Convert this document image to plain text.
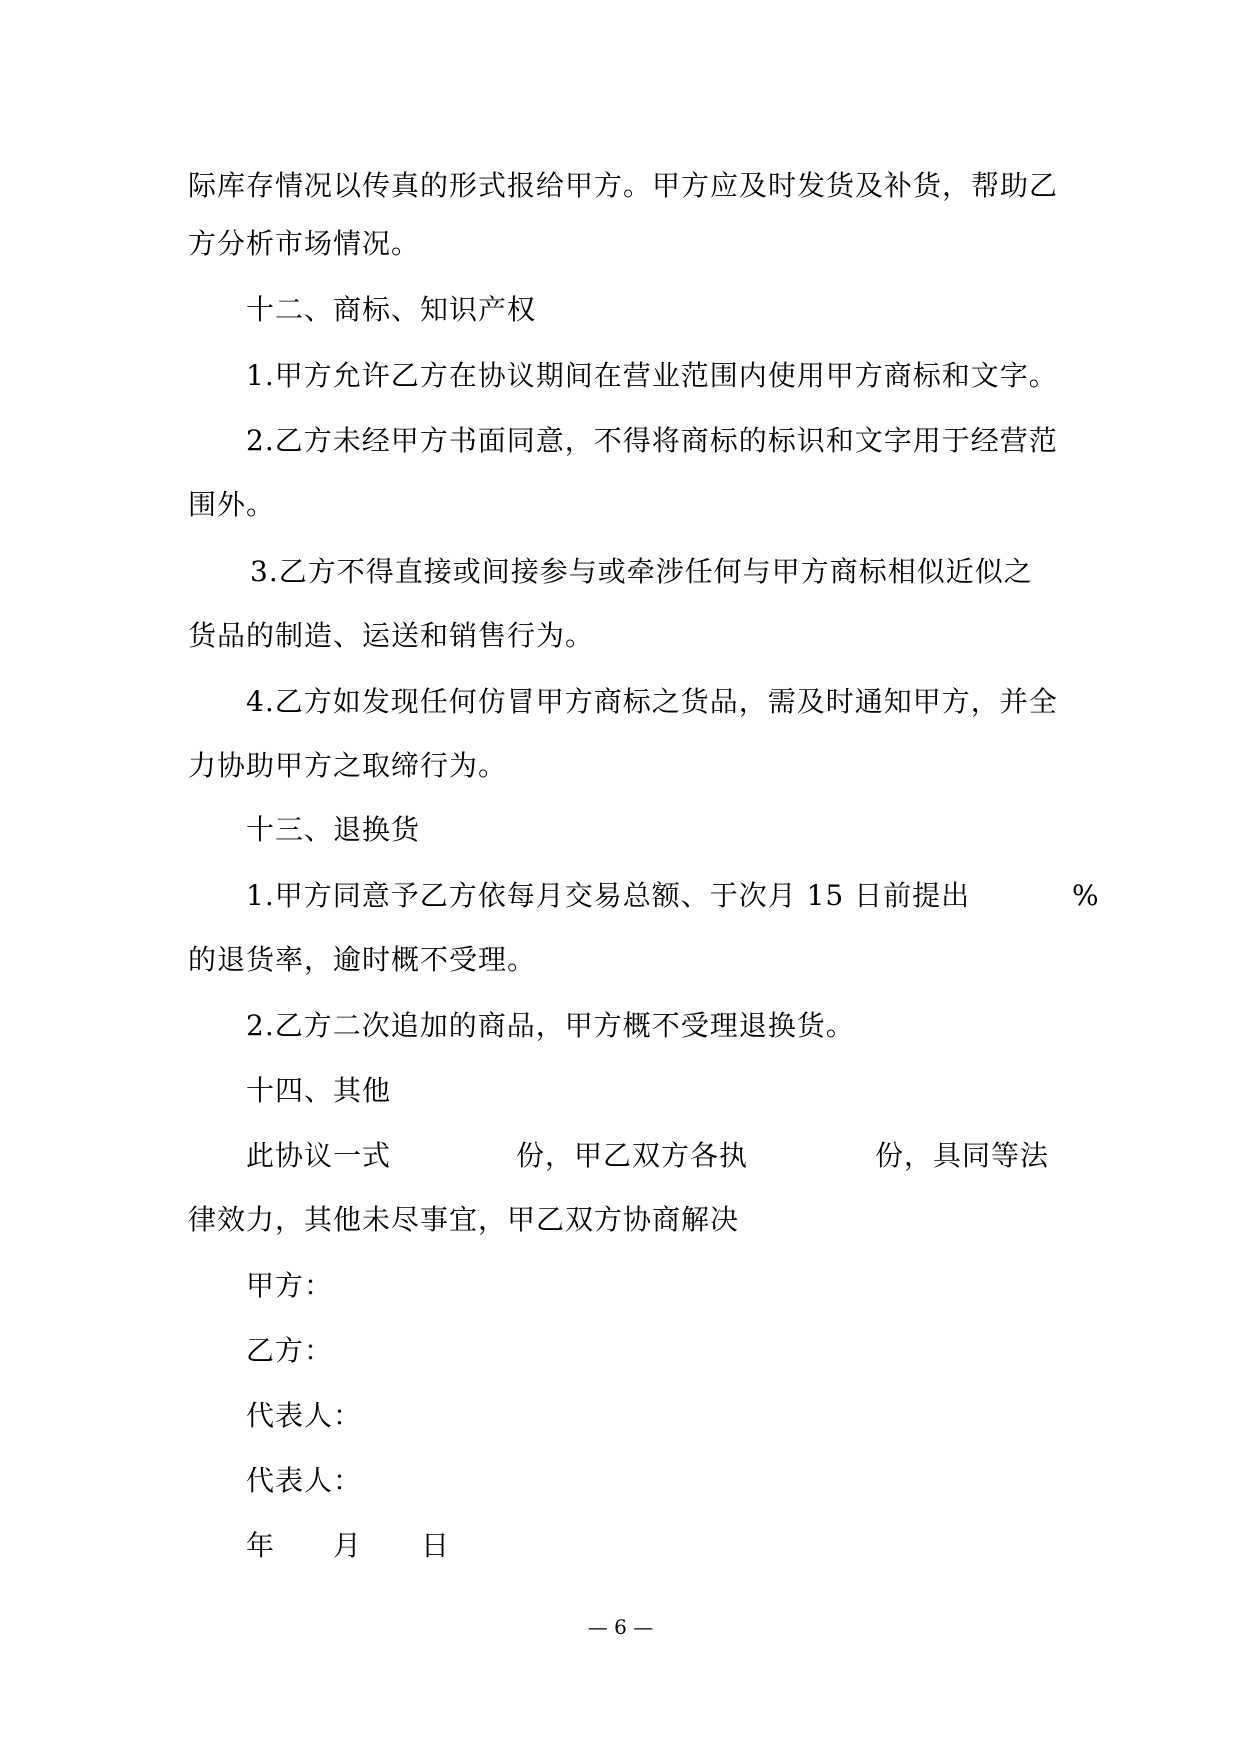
际库存情况以传真的形式报给甲方。甲方应及时发货及补货，帮助乙
方分析市场情况。
十二、商标、知识产权
1.甲方允许乙方在协议期间在营业范围内使用甲方商标和文字。
2.乙方未经甲方书面同意，不得将商标的标识和文字用于经营范
围外。
3.乙方不得直接或间接参与或牵涉任何与甲方商标相似近似之
货品的制造、运送和销售行为。
4.乙方如发现任何仿冒甲方商标之货品，需及时通知甲方，并全
力协助甲方之取缔行为。
十三、退换货
1.甲方同意予乙方依每月交易总额、于次月 15 日前提出	%
的退货率，逾时概不受理。
2.乙方二次追加的商品，甲方概不受理退换货。
十四、其他
此协议一式	份，甲乙双方各执	份，具同等法
律效力，其他未尽事宜，甲乙双方协商解决
甲方：
乙方：
代表人：
代表人：
年 月 日
— 6 —
